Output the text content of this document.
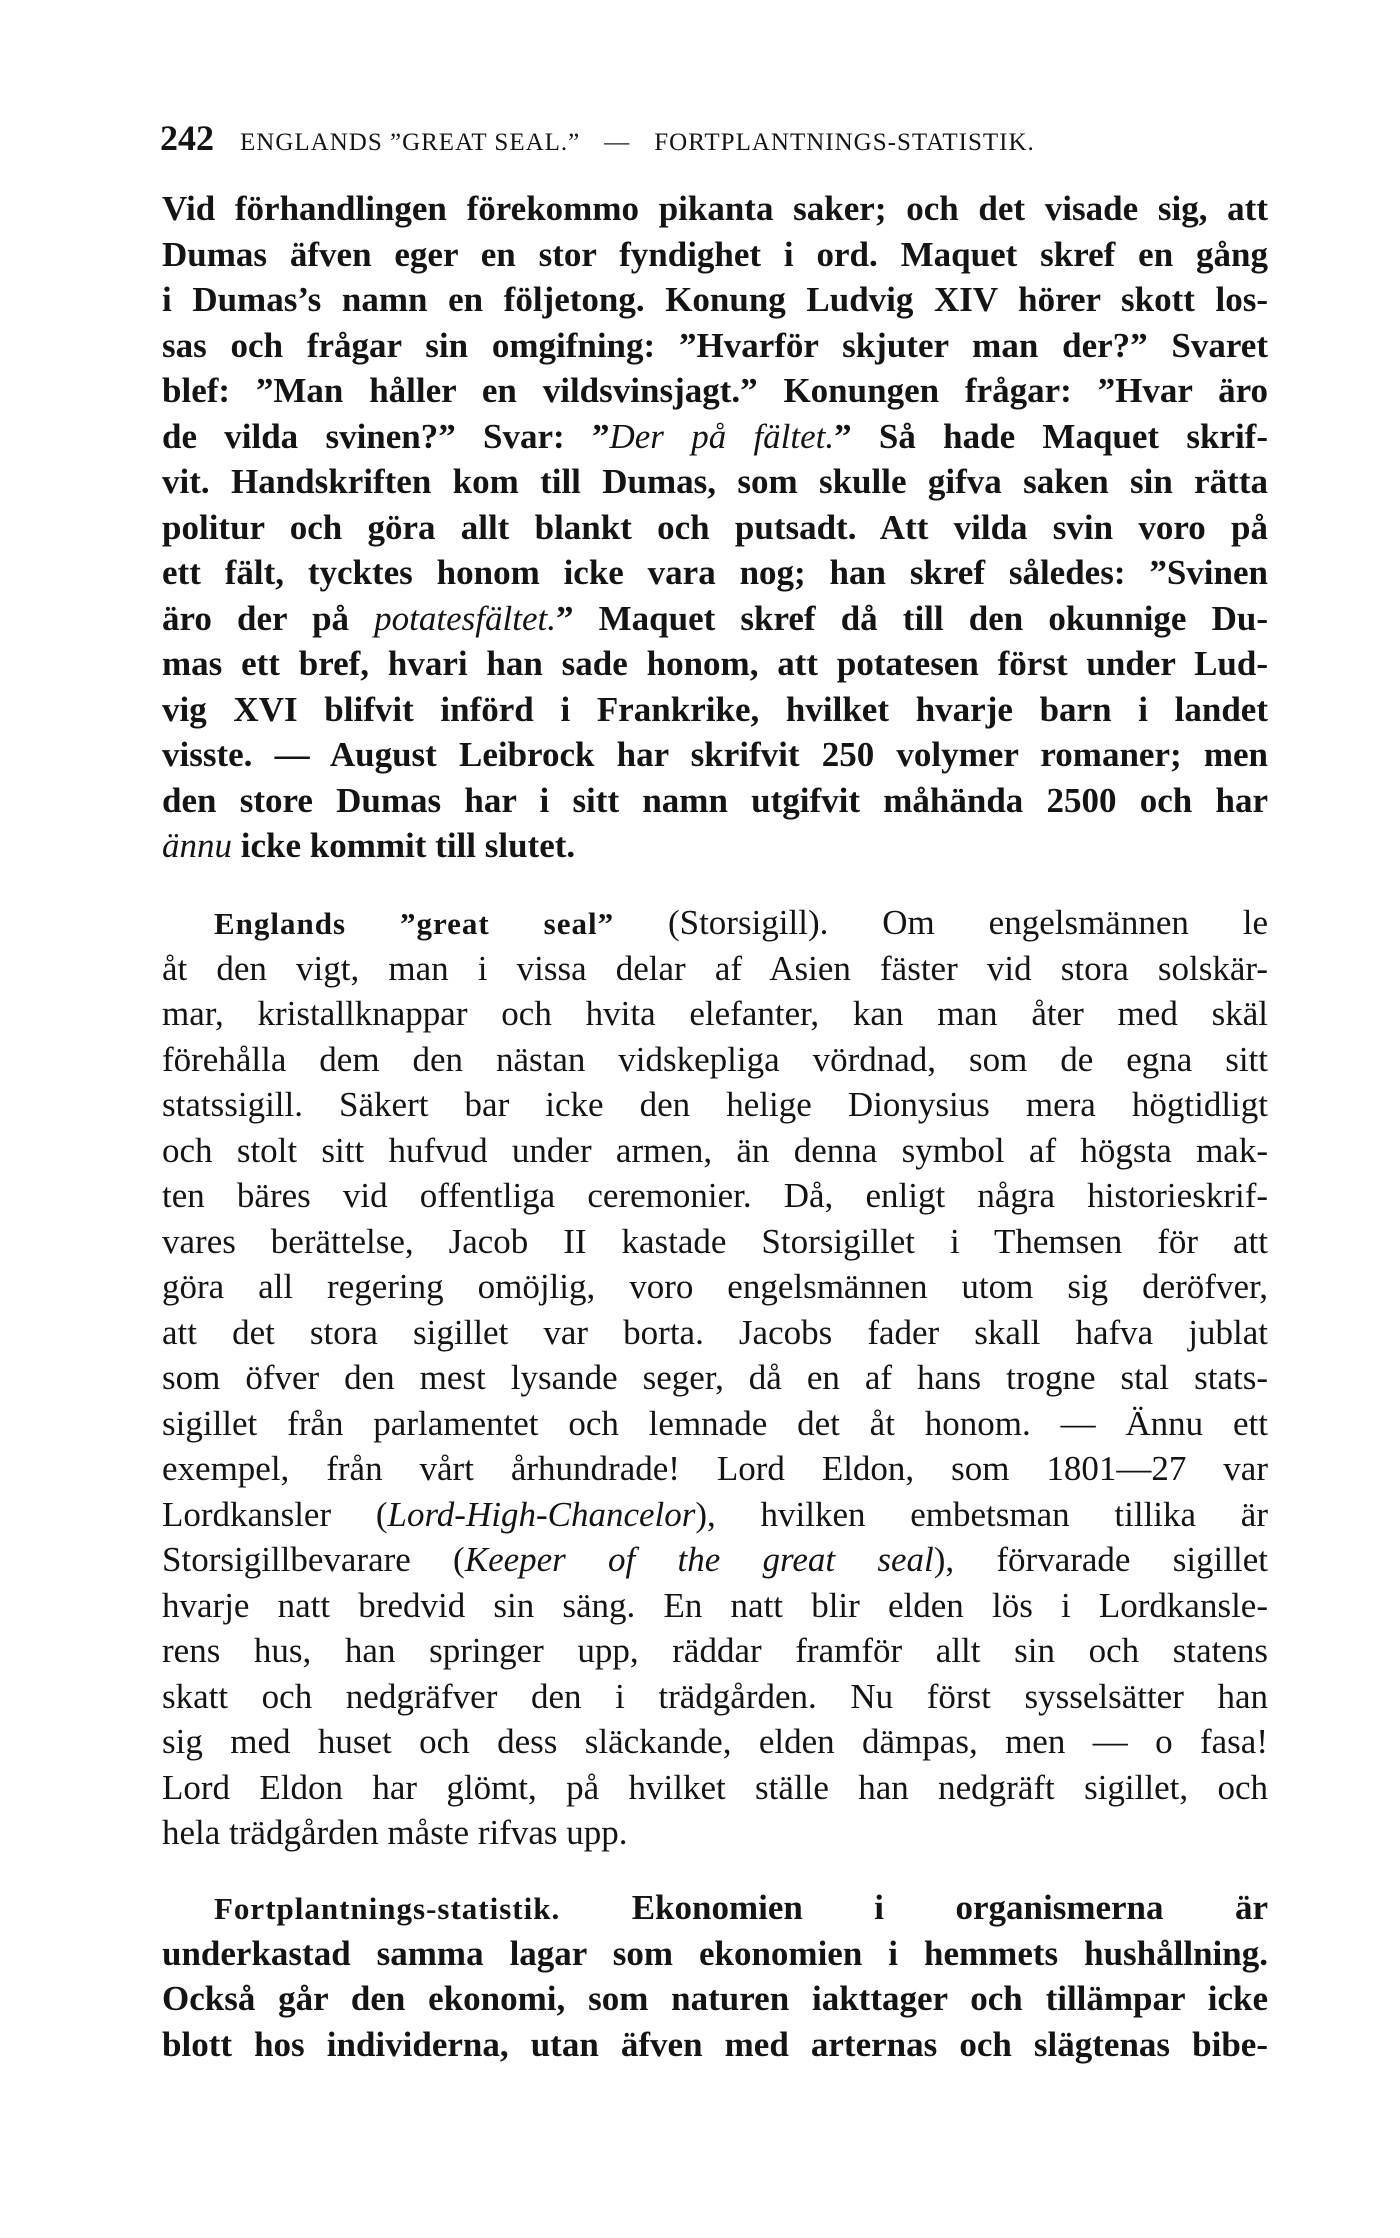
242 ENGLANDS ”GREAT SEAL.” — FORTPLANTNINGS-STATISTIK.
Vid förhandlingen förekommo pikanta saker; och det visade sig, att
Dumas äfven eger en stor fyndighet i ord. Maquet skref en gång
i Dumas’s namn en följetong. Konung Ludvig XIV hörer skott los-
sas och frågar sin omgifning: ”Hvarför skjuter man der?” Svaret
blef: ”Man håller en vildsvinsjagt.” Konungen frågar: ”Hvar äro
de vilda svinen?” Svar: ”Der på fältet.” Så hade Maquet skrif-
vit. Handskriften kom till Dumas, som skulle gifva saken sin rätta
politur och göra allt blankt och putsadt. Att vilda svin voro på
ett fält, tycktes honom icke vara nog; han skref således: ”Svinen
äro der på potatesfältet.” Maquet skref då till den okunnige Du-
mas ett bref, hvari han sade honom, att potatesen först under Lud-
vig XVI blifvit införd i Frankrike, hvilket hvarje barn i landet
visste. — August Leibrock har skrifvit 250 volymer romaner; men
den store Dumas har i sitt namn utgifvit måhända 2500 och har
ännu icke kommit till slutet.
Englands ”great seal” (Storsigill). Om engelsmännen le
åt den vigt, man i vissa delar af Asien fäster vid stora solskär-
mar, kristallknappar och hvita elefanter, kan man åter med skäl
förehålla dem den nästan vidskepliga vördnad, som de egna sitt
statssigill. Säkert bar icke den helige Dionysius mera högtidligt
och stolt sitt hufvud under armen, än denna symbol af högsta mak-
ten bäres vid offentliga ceremonier. Då, enligt några historieskrif-
vares berättelse, Jacob II kastade Storsigillet i Themsen för att
göra all regering omöjlig, voro engelsmännen utom sig deröfver,
att det stora sigillet var borta. Jacobs fader skall hafva jublat
som öfver den mest lysande seger, då en af hans trogne stal stats-
sigillet från parlamentet och lemnade det åt honom. — Ännu ett
exempel, från vårt århundrade! Lord Eldon, som 1801—27 var
Lordkansler (Lord-High-Chancelor), hvilken embetsman tillika är
Storsigillbevarare (Keeper of the great seal), förvarade sigillet
hvarje natt bredvid sin säng. En natt blir elden lös i Lordkansle-
rens hus, han springer upp, räddar framför allt sin och statens
skatt och nedgräfver den i trädgården. Nu först sysselsätter han
sig med huset och dess släckande, elden dämpas, men — o fasa!
Lord Eldon har glömt, på hvilket ställe han nedgräft sigillet, och
hela trädgården måste rifvas upp.
Fortplantnings-statistik. Ekonomien i organismerna är
underkastad samma lagar som ekonomien i hemmets hushållning.
Också går den ekonomi, som naturen iakttager och tillämpar icke
blott hos individerna, utan äfven med arternas och slägtenas bibe-
